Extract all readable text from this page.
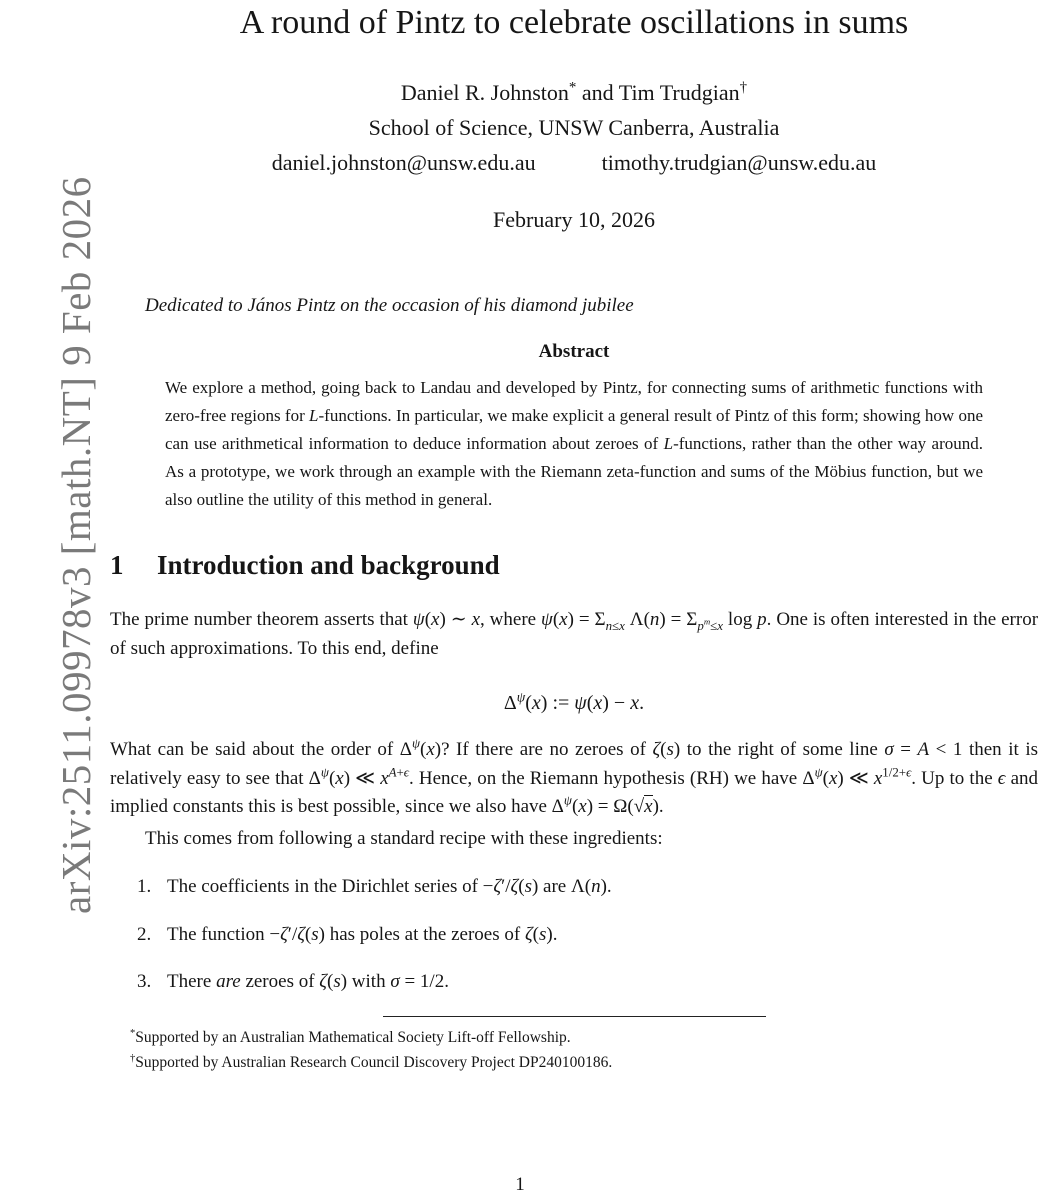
arXiv:2511.09978v3 [math.NT] 9 Feb 2026
A round of Pintz to celebrate oscillations in sums
Daniel R. Johnston* and Tim Trudgian†
School of Science, UNSW Canberra, Australia
daniel.johnston@unsw.edu.au	timothy.trudgian@unsw.edu.au
February 10, 2026
Dedicated to János Pintz on the occasion of his diamond jubilee
Abstract
We explore a method, going back to Landau and developed by Pintz, for connecting sums of arithmetic functions with zero-free regions for L-functions. In particular, we make explicit a general result of Pintz of this form; showing how one can use arithmetical information to deduce information about zeroes of L-functions, rather than the other way around. As a prototype, we work through an example with the Riemann zeta-function and sums of the Möbius function, but we also outline the utility of this method in general.
1	Introduction and background
The prime number theorem asserts that ψ(x) ∼ x, where $\psi(x) = \Sigma_{n\le x}$ $\Lambda(n) = \Sigma_{p^m\le x}$ log p. One is often interested in the error of such approximations. To this end, define
$\Delta^\psi(x)$ := ψ(x) − x.
What can be said about the order of $\Delta^\psi(x)$? If there are no zeroes of ζ(s) to the right of some line σ = A < 1 then it is relatively easy to see that $\Delta^\psi(x)$ ≪ $x^{A+\epsilon}$. Hence, on the Riemann hypothesis (RH) we have $\Delta^\psi(x)$ ≪ $x^{1/2+\epsilon}$. Up to the ϵ and implied constants this is best possible, since we also have $\Delta^\psi(x) = \Omega(√x)$.
This comes from following a standard recipe with these ingredients:
1. The coefficients in the Dirichlet series of −ζ′/ζ(s) are Λ(n).
2. The function −ζ′/ζ(s) has poles at the zeroes of ζ(s).
3. There are zeroes of ζ(s) with σ = 1/2.
*Supported by an Australian Mathematical Society Lift-off Fellowship.
†Supported by Australian Research Council Discovery Project DP240100186.
1
